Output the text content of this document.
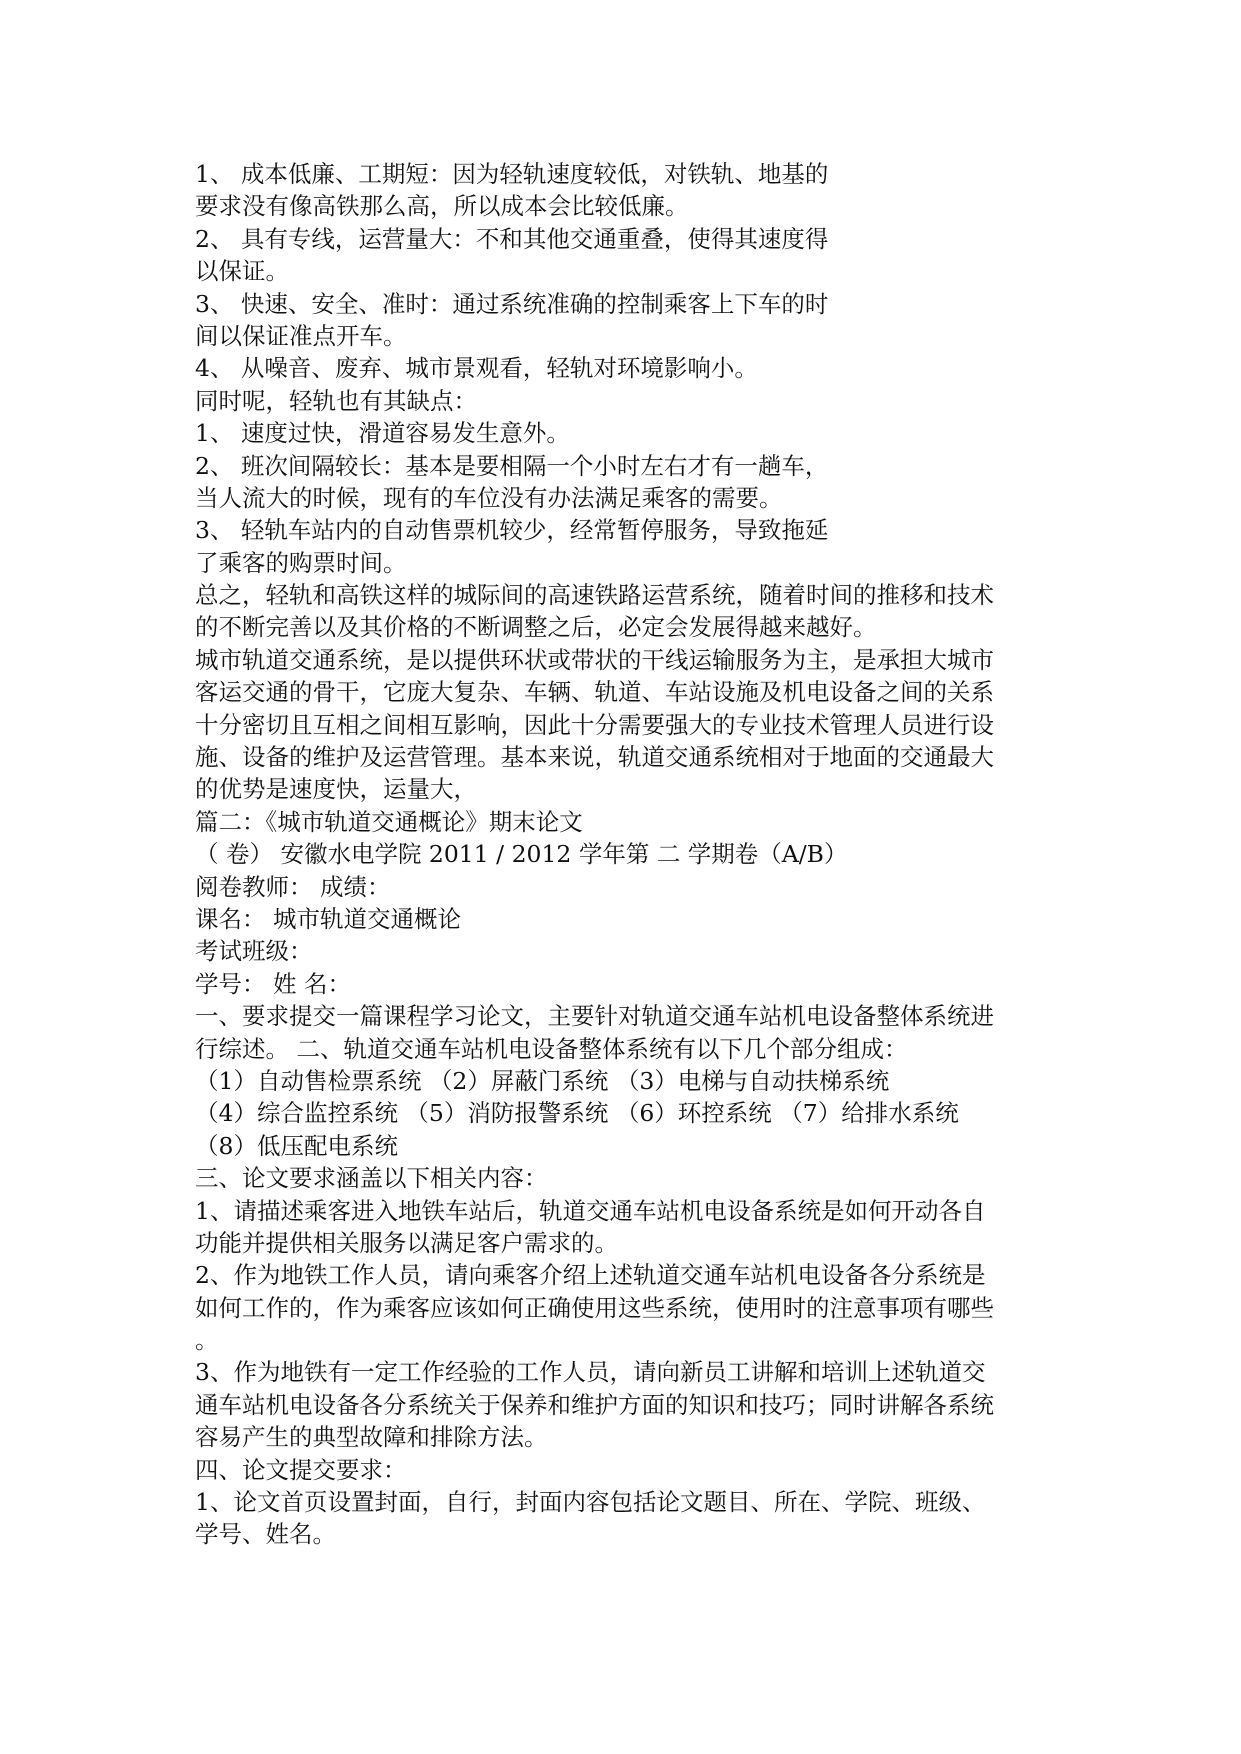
1、 成本低廉、工期短：因为轻轨速度较低，对铁轨、地基的
要求没有像高铁那么高，所以成本会比较低廉。
2、 具有专线，运营量大：不和其他交通重叠，使得其速度得
以保证。
3、 快速、安全、准时：通过系统准确的控制乘客上下车的时
间以保证准点开车。
4、 从噪音、废弃、城市景观看，轻轨对环境影响小。
同时呢，轻轨也有其缺点：
1、 速度过快，滑道容易发生意外。
2、 班次间隔较长：基本是要相隔一个小时左右才有一趟车，
当人流大的时候，现有的车位没有办法满足乘客的需要。
3、 轻轨车站内的自动售票机较少，经常暂停服务，导致拖延
了乘客的购票时间。
总之，轻轨和高铁这样的城际间的高速铁路运营系统，随着时间的推移和技术
的不断完善以及其价格的不断调整之后，必定会发展得越来越好。
城市轨道交通系统，是以提供环状或带状的干线运输服务为主，是承担大城市
客运交通的骨干，它庞大复杂、车辆、轨道、车站设施及机电设备之间的关系
十分密切且互相之间相互影响，因此十分需要强大的专业技术管理人员进行设
施、设备的维护及运营管理。基本来说，轨道交通系统相对于地面的交通最大
的优势是速度快，运量大，
篇二：《城市轨道交通概论》期末论文
（ 卷） 安徽水电学院 2011 / 2012 学年第 二 学期卷（A/B）
阅卷教师： 成绩：
课名： 城市轨道交通概论
考试班级：
学号： 姓 名：
一、要求提交一篇课程学习论文，主要针对轨道交通车站机电设备整体系统进
行综述。 二、轨道交通车站机电设备整体系统有以下几个部分组成：
（1）自动售检票系统 （2）屏蔽门系统 （3）电梯与自动扶梯系统
（4）综合监控系统 （5）消防报警系统 （6）环控系统 （7）给排水系统
（8）低压配电系统
三、论文要求涵盖以下相关内容：
1、请描述乘客进入地铁车站后，轨道交通车站机电设备系统是如何开动各自
功能并提供相关服务以满足客户需求的。
2、作为地铁工作人员，请向乘客介绍上述轨道交通车站机电设备各分系统是
如何工作的，作为乘客应该如何正确使用这些系统，使用时的注意事项有哪些
。
3、作为地铁有一定工作经验的工作人员，请向新员工讲解和培训上述轨道交
通车站机电设备各分系统关于保养和维护方面的知识和技巧；同时讲解各系统
容易产生的典型故障和排除方法。
四、论文提交要求：
1、论文首页设置封面，自行，封面内容包括论文题目、所在、学院、班级、
学号、姓名。
